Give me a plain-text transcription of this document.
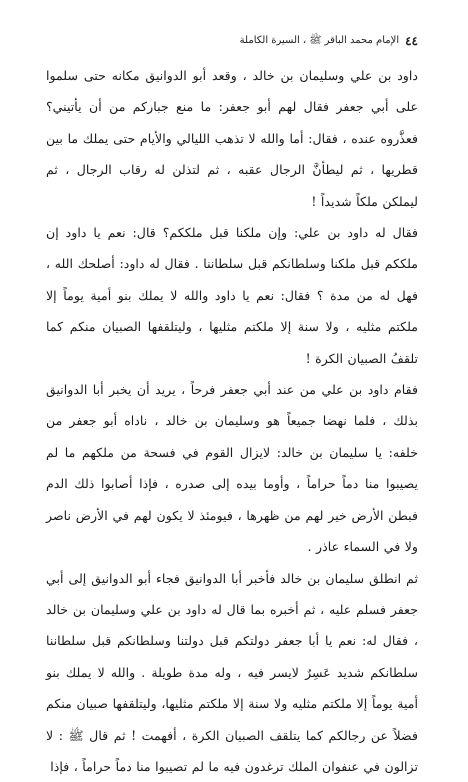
٤٤
الإمام محمد الباقر ﷺ ، السيرة الكاملة

داود بن علي وسليمان بن خالد ، وقعد أبو الدوانيق مكانه حتى سلموا على أبي جعفر فقال لهم أبو جعفر: ما منع جباركم من أن يأتيني؟ فعذَّروه عنده ، فقال: أما والله لا تذهب الليالي والأيام حتى يملك ما بين قطريها ، ثم ليطأنَّ الرجال عقبه ، ثم لتذلن له رقاب الرجال ، ثم ليملكن ملكاً شديداً !

فقال له داود بن علي: وإن ملكنا قبل ملككم؟ قال: نعم يا داود إن ملككم قبل ملكنا وسلطانكم قبل سلطاننا . فقال له داود: أصلحك الله ، فهل له من مدة ؟ فقال: نعم يا داود والله لا يملك بنو أمية يوماً إلا ملكتم مثليه ، ولا سنة إلا ملكتم مثليها ، وليتلقفها الصبيان منكم كما تلقفُ الصبيان الكرة !

فقام داود بن علي من عند أبي جعفر فرحاً ، يريد أن يخبر أبا الدوانيق بذلك ، فلما نهضا جميعاً هو وسليمان بن خالد ، ناداه أبو جعفر من خلفه: يا سليمان بن خالد: لايزال القوم في فسحة من ملكهم ما لم يصيبوا منا دماً حراماً ، وأوما بيده إلى صدره ، فإذا أصابوا ذلك الدم فبطن الأرض خير لهم من ظهرها ، فيومئذ لا يكون لهم في الأرض ناصر ولا في السماء عاذر .

ثم انطلق سليمان بن خالد فأخبر أبا الدوانيق فجاء أبو الدوانيق إلى أبي جعفر فسلم عليه ، ثم أخبره بما قال له داود بن علي وسليمان بن خالد ، فقال له: نعم يا أبا جعفر دولتكم قبل دولتنا وسلطانكم قبل سلطاننا سلطانكم شديد عَسِرٌ لايسر فيه ، وله مدة طويلة . والله لا يملك بنو أمية يوماً إلا ملكتم مثليه ولا سنة إلا ملكتم مثليها، وليتلقفها صبيان منكم فضلاً عن رجالكم كما يتلقف الصبيان الكرة ، أفهمت ! ثم قال ﷺ : لا تزالون في عنفوان الملك ترغدون فيه ما لم تصيبوا منا دماً حراماً ، فإذا
